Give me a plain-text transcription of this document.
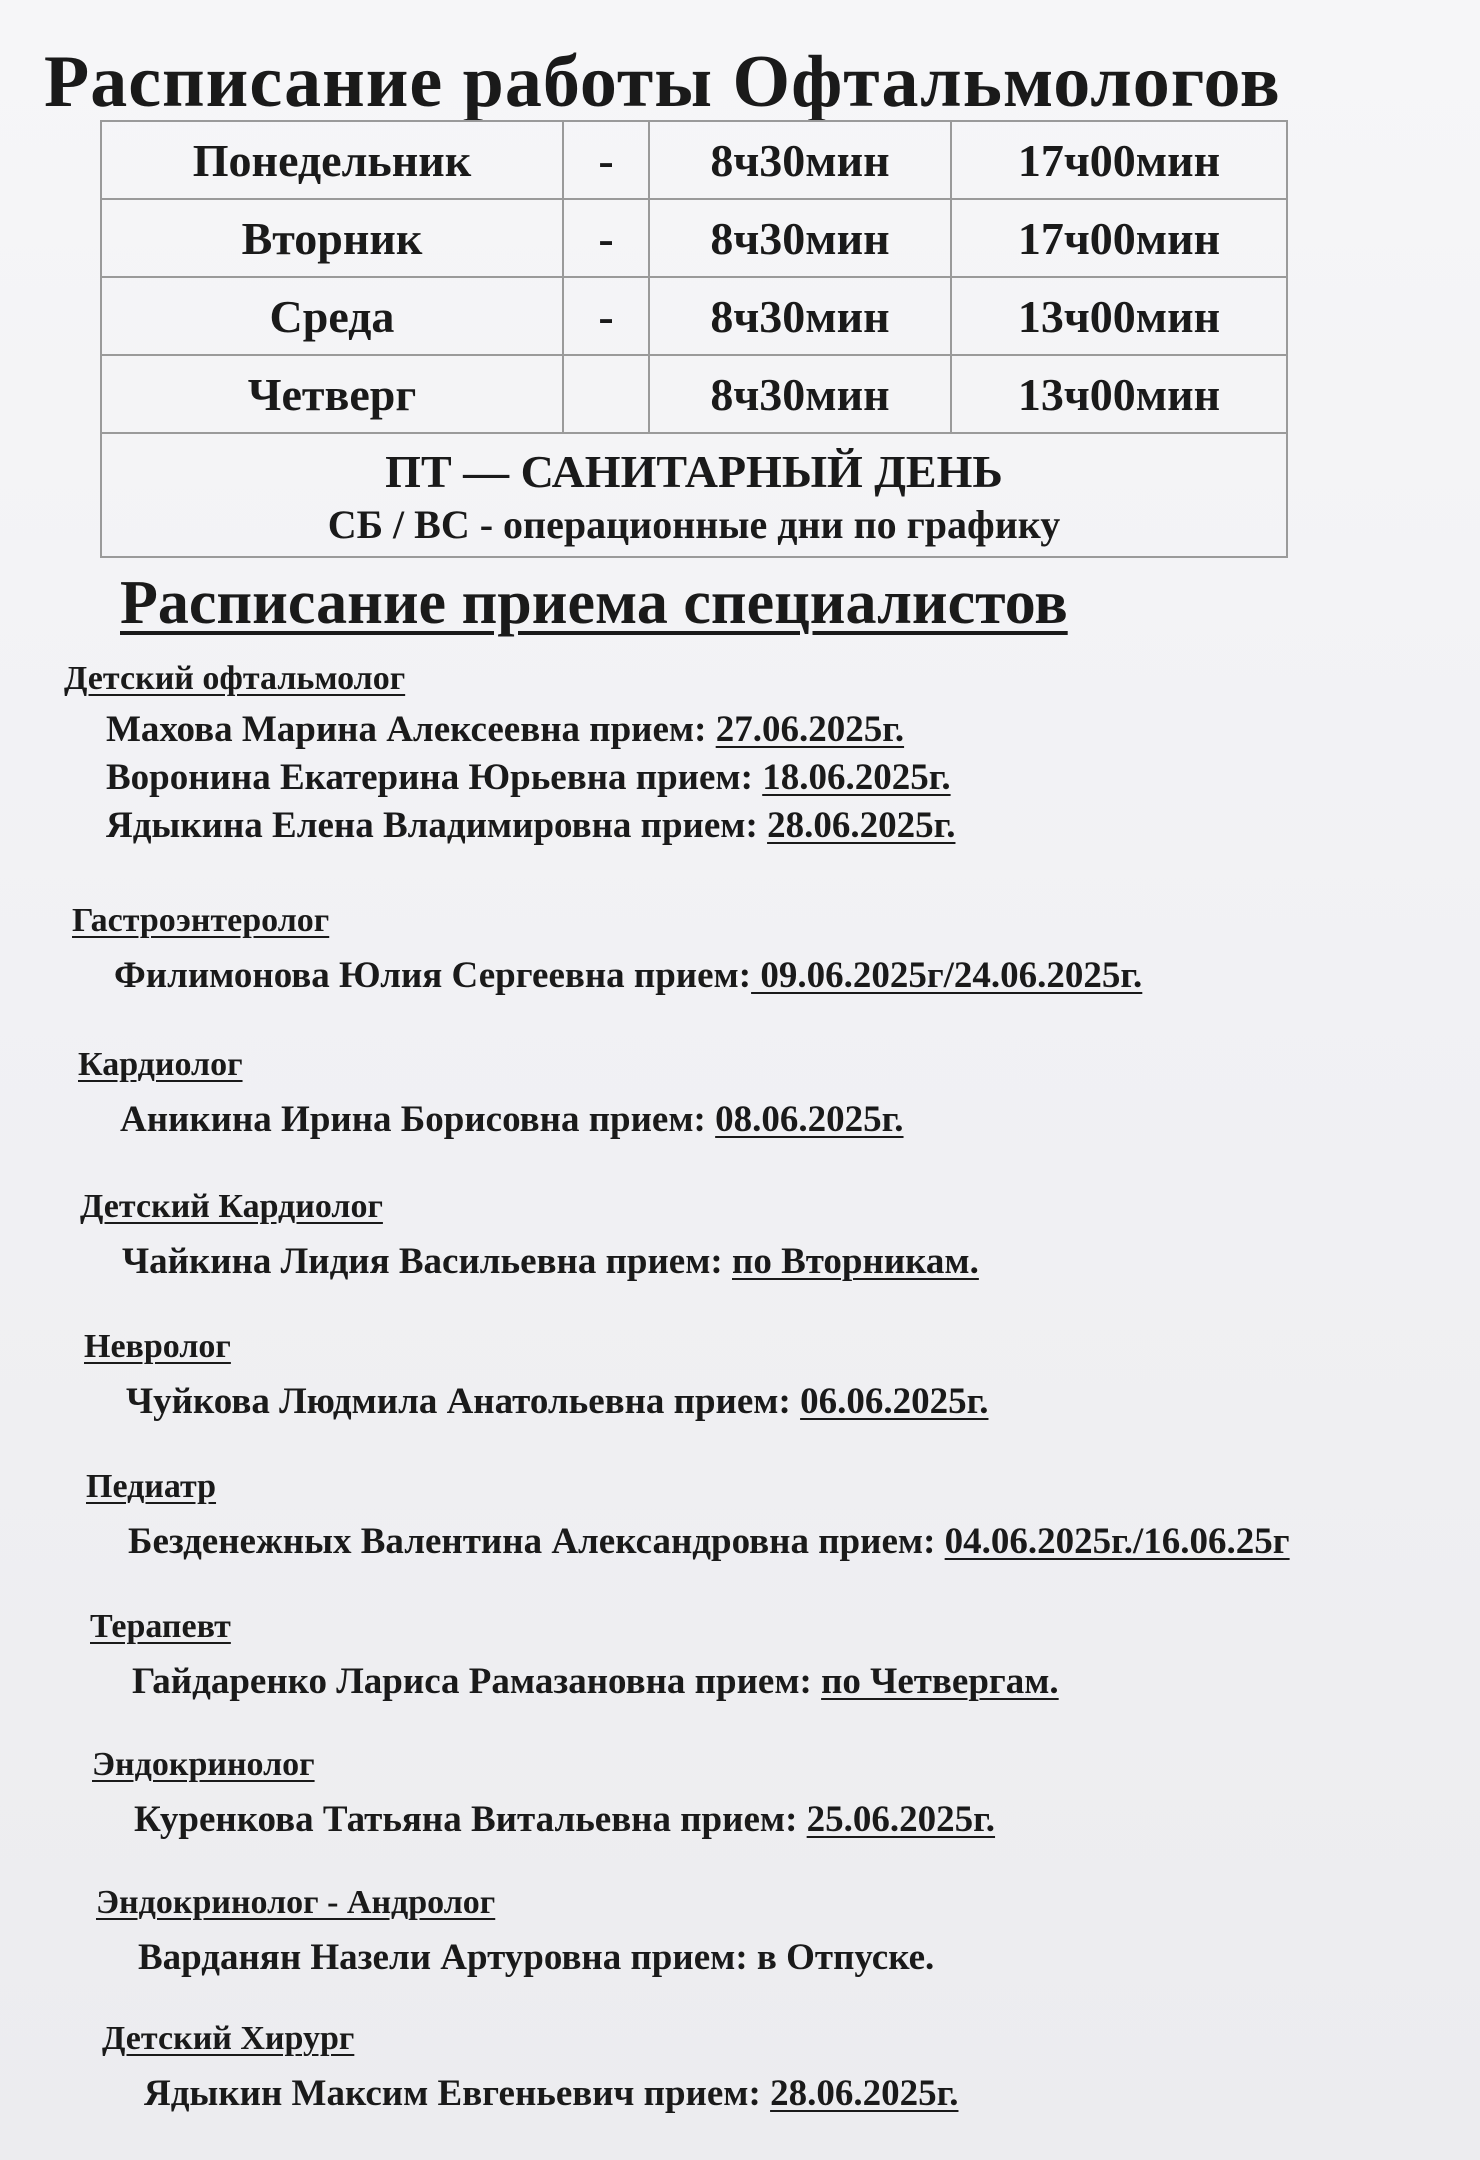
Расписание работы Офтальмологов
Понедельник	-	8ч30мин	17ч00мин
Вторник	-	8ч30мин	17ч00мин
Среда	-	8ч30мин	13ч00мин
Четверг		8ч30мин	13ч00мин

ПТ — САНИТАРНЫЙ ДЕНЬ
СБ / ВС - операционные дни по графику			
Расписание приема специалистов
Детский офтальмолог
Махова Марина Алексеевна прием: 27.06.2025г.
Воронина Екатерина Юрьевна прием: 18.06.2025г.
Ядыкина Елена Владимировна прием: 28.06.2025г.
Гастроэнтеролог
Филимонова Юлия Сергеевна прием: 09.06.2025г/24.06.2025г.
Кардиолог
Аникина Ирина Борисовна прием: 08.06.2025г.
Детский Кардиолог
Чайкина Лидия Васильевна прием: по Вторникам.
Невролог
Чуйкова Людмила Анатольевна прием: 06.06.2025г.
Педиатр
Безденежных Валентина Александровна прием: 04.06.2025г./16.06.25г
Терапевт
Гайдаренко Лариса Рамазановна прием: по Четвергам.
Эндокринолог
Куренкова Татьяна Витальевна прием: 25.06.2025г.
Эндокринолог - Андролог
Варданян Назели Артуровна прием: в Отпуске.
Детский Хирург
Ядыкин Максим Евгеньевич прием: 28.06.2025г.
